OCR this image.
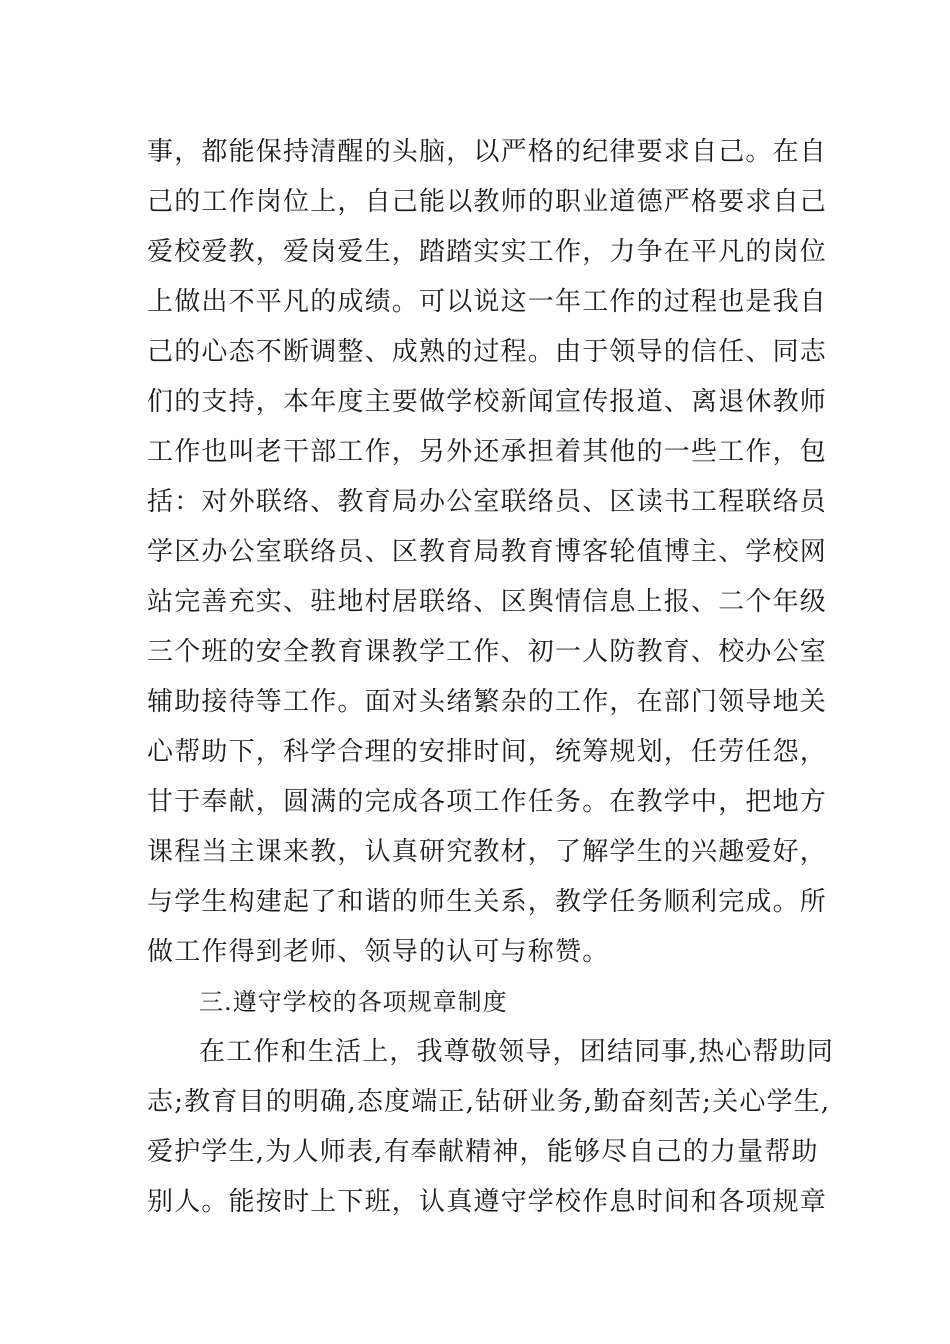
事，都能保持清醒的头脑，以严格的纪律要求自己。在自
己的工作岗位上，自己能以教师的职业道德严格要求自己
爱校爱教，爱岗爱生，踏踏实实工作，力争在平凡的岗位
上做出不平凡的成绩。可以说这一年工作的过程也是我自
己的心态不断调整、成熟的过程。由于领导的信任、同志
们的支持，本年度主要做学校新闻宣传报道、离退休教师
工作也叫老干部工作，另外还承担着其他的一些工作，包
括：对外联络、教育局办公室联络员、区读书工程联络员
学区办公室联络员、区教育局教育博客轮值博主、学校网
站完善充实、驻地村居联络、区舆情信息上报、二个年级
三个班的安全教育课教学工作、初一人防教育、校办公室
辅助接待等工作。面对头绪繁杂的工作，在部门领导地关
心帮助下，科学合理的安排时间，统筹规划，任劳任怨，
甘于奉献，圆满的完成各项工作任务。在教学中，把地方
课程当主课来教，认真研究教材，了解学生的兴趣爱好，
与学生构建起了和谐的师生关系，教学任务顺利完成。所
做工作得到老师、领导的认可与称赞。
三.遵守学校的各项规章制度
在工作和生活上，我尊敬领导，团结同事,热心帮助同
志;教育目的明确,态度端正,钻研业务,勤奋刻苦;关心学生,
爱护学生,为人师表,有奉献精神，能够尽自己的力量帮助
别人。能按时上下班，认真遵守学校作息时间和各项规章
